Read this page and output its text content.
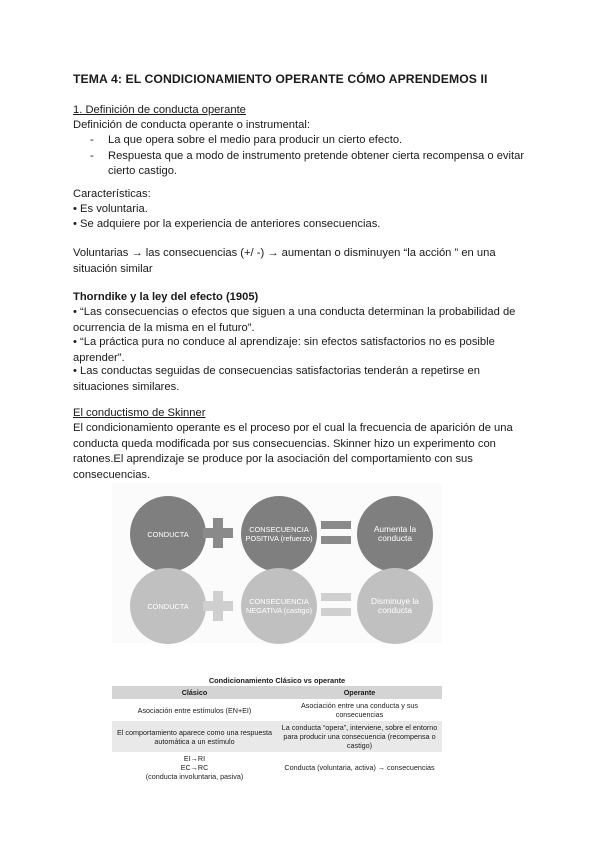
TEMA 4: EL CONDICIONAMIENTO OPERANTE CÓMO APRENDEMOS II
1. Definición de conducta operante
Definición de conducta operante o instrumental:
- La que opera sobre el medio para producir un cierto efecto.
- Respuesta que a modo de instrumento pretende obtener cierta recompensa o evitar cierto castigo.
Características:
• Es voluntaria.
• Se adquiere por la experiencia de anteriores consecuencias.
Voluntarias → las consecuencias (+/ -) → aumentan o disminuyen “la acción ” en una situación similar
Thorndike y la ley del efecto (1905)
• “Las consecuencias o efectos que siguen a una conducta determinan la probabilidad de ocurrencia de la misma en el futuro”.
• “La práctica pura no conduce al aprendizaje: sin efectos satisfactorios no es posible aprender”.
• Las conductas seguidas de consecuencias satisfactorias tenderán a repetirse en situaciones similares.
El conductismo de Skinner
El condicionamiento operante es el proceso por el cual la frecuencia de aparición de una conducta queda modificada por sus consecuencias. Skinner hizo un experimento con ratones.El aprendizaje se produce por la asociación del comportamiento con sus consecuencias.
CONDUCTA	CONSECUENCIA POSITIVA (refuerzo)
Aumenta la conducta
CONDUCTA	CONSECUENCIA NEGATIVA (castigo)
Disminuye la conducta
Condicionamiento Clásico vs operante
Clásico	Operante
Asociación entre estímulos (EN+EI)	Asociación entre una conducta y sus consecuencias
El comportamiento aparece como una respuesta automática a un estímulo	La conducta “opera”, interviene, sobre el entorno para producir una consecuencia (recompensa o castigo)
EI→RI
EC→RC
(conducta involuntaria, pasiva)	Conducta (voluntaria, activa) → consecuencias
